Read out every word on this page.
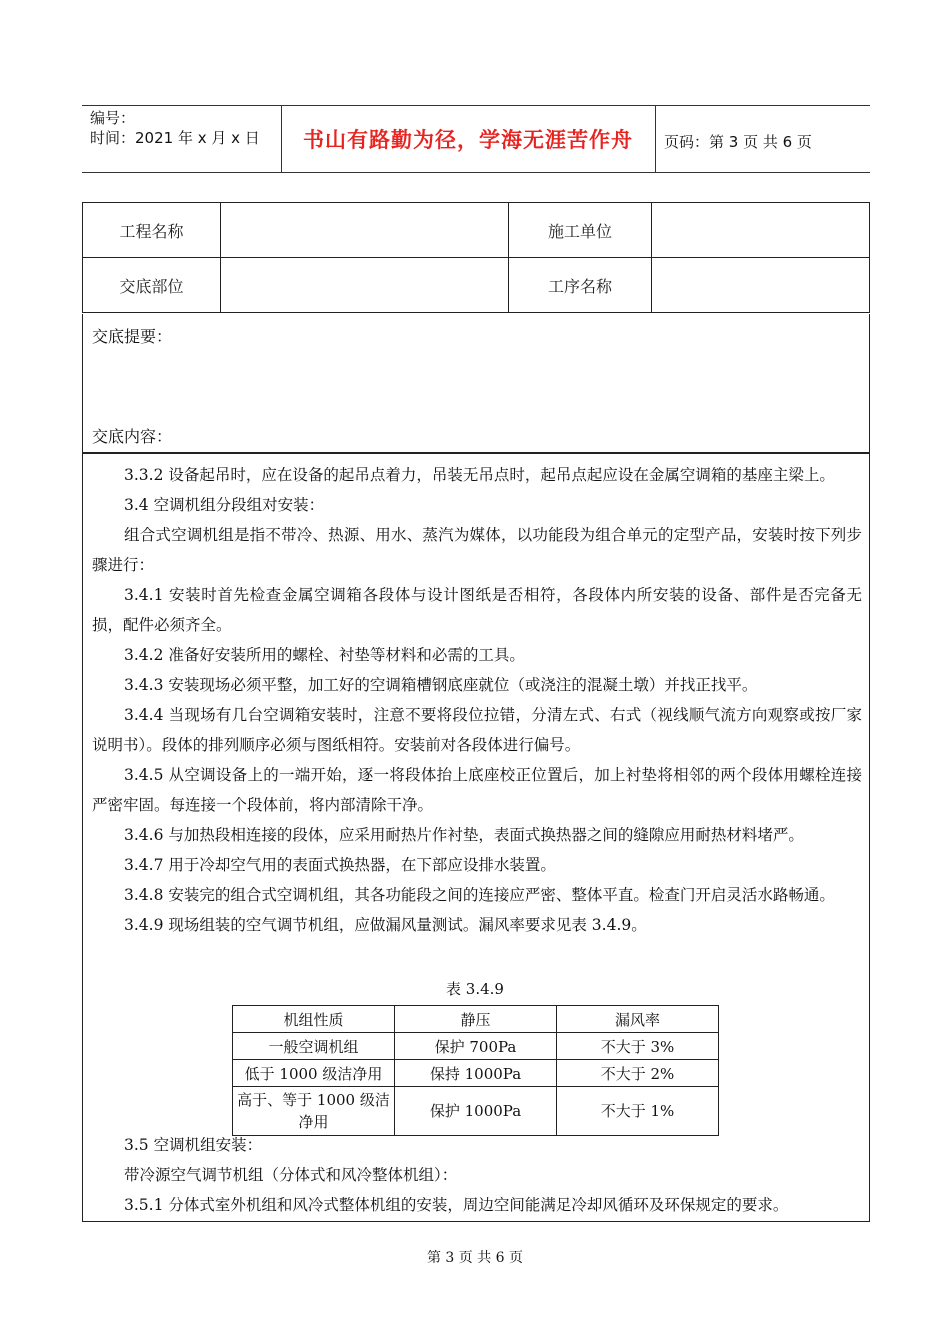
编号：
时间：2021 年 x 月 x 日	书山有路勤为径，学海无涯苦作舟	页码：第 3 页 共 6 页
工程名称		施工单位	
交底部位		工序名称	
交底提要：
交底内容：

3.3.2 设备起吊时，应在设备的起吊点着力，吊装无吊点时，起吊点起应设在金属空调箱的基座主梁上。

3.4 空调机组分段组对安装：

组合式空调机组是指不带冷、热源、用水、蒸汽为媒体，以功能段为组合单元的定型产品，安装时按下列步骤进行：

3.4.1 安装时首先检查金属空调箱各段体与设计图纸是否相符，各段体内所安装的设备、部件是否完备无损，配件必须齐全。

3.4.2 准备好安装所用的螺栓、衬垫等材料和必需的工具。

3.4.3 安装现场必须平整，加工好的空调箱槽钢底座就位（或浇注的混凝土墩）并找正找平。

3.4.4 当现场有几台空调箱安装时，注意不要将段位拉错，分清左式、右式（视线顺气流方向观察或按厂家说明书）。段体的排列顺序必须与图纸相符。安装前对各段体进行偏号。

3.4.5 从空调设备上的一端开始，逐一将段体抬上底座校正位置后，加上衬垫将相邻的两个段体用螺栓连接严密牢固。每连接一个段体前，将内部清除干净。

3.4.6 与加热段相连接的段体，应采用耐热片作衬垫，表面式换热器之间的缝隙应用耐热材料堵严。

3.4.7 用于冷却空气用的表面式换热器，在下部应设排水装置。

3.4.8 安装完的组合式空调机组，其各功能段之间的连接应严密、整体平直。检查门开启灵活水路畅通。

3.4.9 现场组装的空气调节机组，应做漏风量测试。漏风率要求见表 3.4.9。

表 3.4.9
机组性质	静压	漏风率
一般空调机组	保护 700Pa	不大于 3%
低于 1000 级洁净用	保持 1000Pa	不大于 2%
高于、等于 1000 级洁净用	保护 1000Pa	不大于 1%

3.5 空调机组安装：

带冷源空气调节机组（分体式和风冷整体机组）：

3.5.1 分体式室外机组和风冷式整体机组的安装，周边空间能满足冷却风循环及环保规定的要求。

第 3 页 共 6 页
